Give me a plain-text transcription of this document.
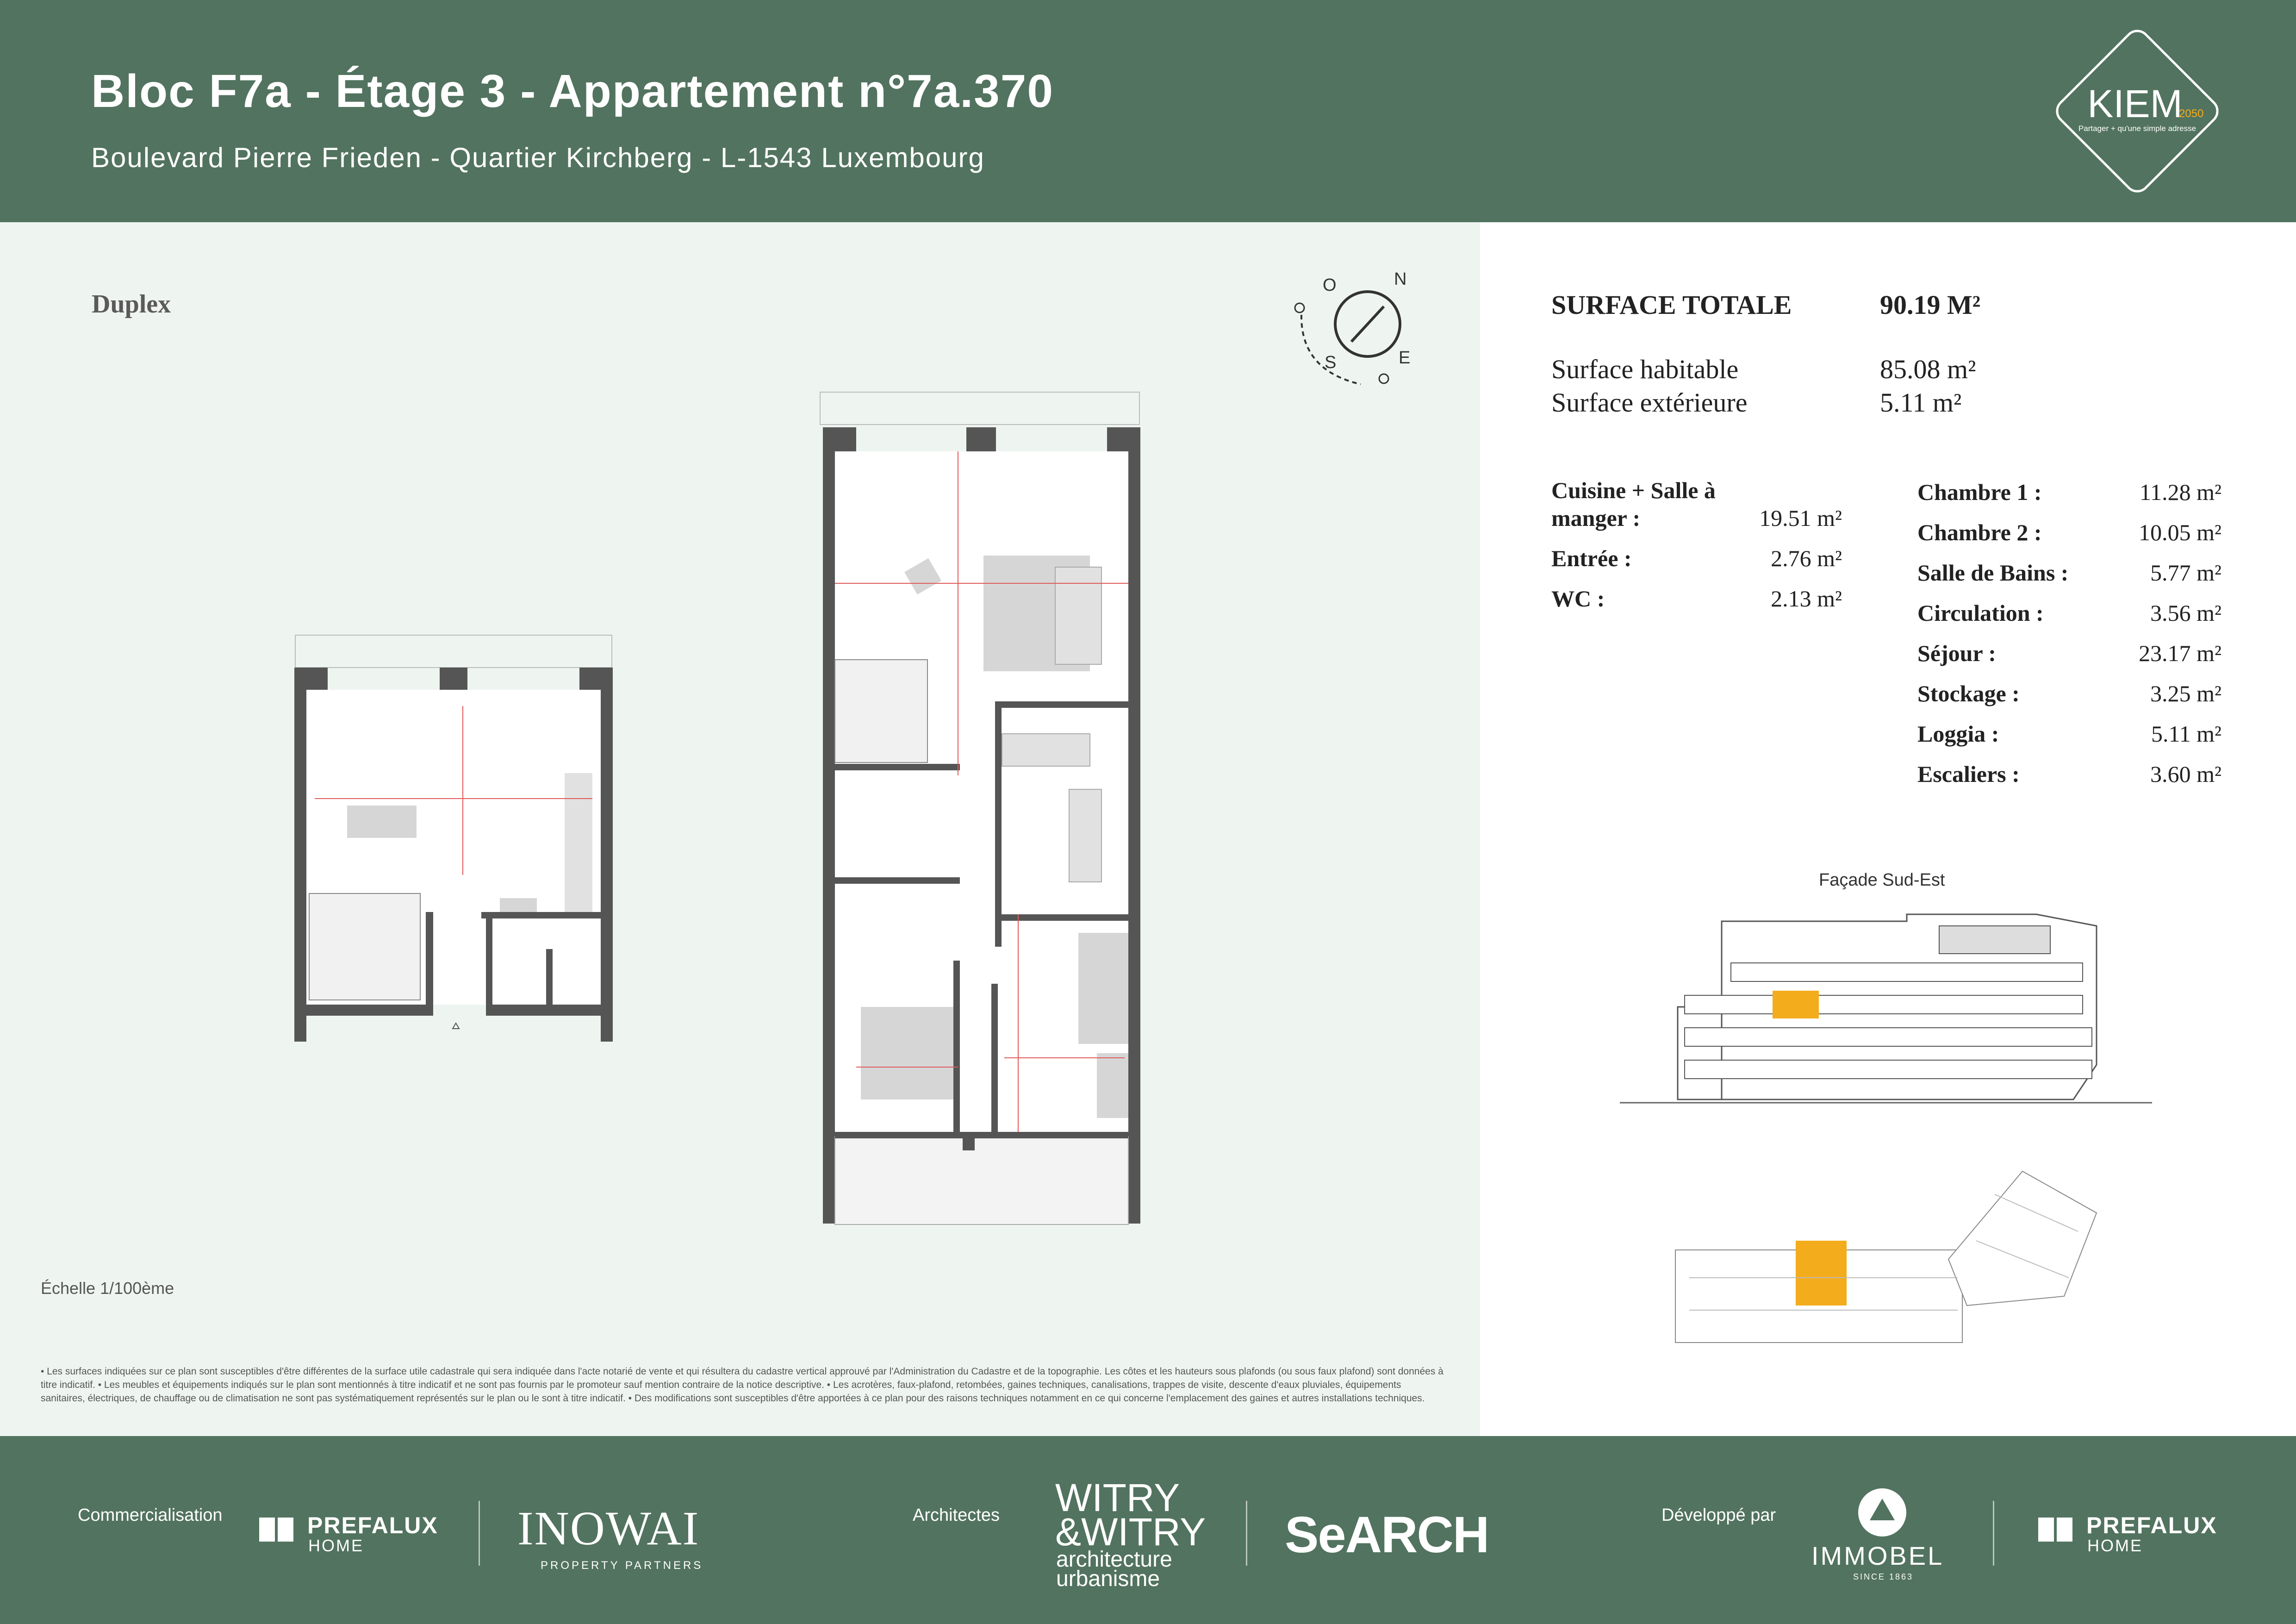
Bloc F7a - Étage 3 - Appartement n°7a.370
Boulevard Pierre Frieden - Quartier Kirchberg - L-1543 Luxembourg
KIEM
2050
Partager + qu'une simple adresse
Duplex
N
O
S	E
Échelle 1/100ème
• Les surfaces indiquées sur ce plan sont susceptibles d'être différentes de la surface utile cadastrale qui sera indiquée dans l'acte notarié de vente et qui résultera du cadastre vertical approuvé par l'Administration du Cadastre et de la topographie. Les côtes et les hauteurs sous plafonds (ou sous faux plafond) sont données à titre indicatif. • Les meubles et équipements indiqués sur le plan sont mentionnés à titre indicatif et ne sont pas fournis par le promoteur sauf mention contraire de la notice descriptive. • Les acrotères, faux-plafond, retombées, gaines techniques, canalisations, trappes de visite, descente d'eaux pluviales, équipements sanitaires, électriques, de chauffage ou de climatisation ne sont pas systématiquement représentés sur le plan ou le sont à titre indicatif. • Des modifications sont susceptibles d'être apportées à ce plan pour des raisons techniques notamment en ce qui concerne l'emplacement des gaines et autres installations techniques.
SURFACE TOTALE	90.19 M²
Surface habitable	85.08 m²
Surface extérieure	5.11 m²
Cuisine + Salle à
manger :	19.51 m²
Entrée :	2.76 m²
WC :	2.13 m²
Chambre 1 :	11.28 m²
Chambre 2 :	10.05 m²
Salle de Bains :	5.77 m²
Circulation :	3.56 m²
Séjour :	23.17 m²
Stockage :	3.25 m²
Loggia :	5.11 m²
Escaliers :	3.60 m²
Façade Sud-Est
Commercialisation	PREFALUX
HOME	INOWAI
PROPERTY PARTNERS
Architectes WITRY
&WITRY
architecture
urbanisme
SeARCH	Développé par
IMMOBEL
SINCE 1863
PREFALUX
HOME
